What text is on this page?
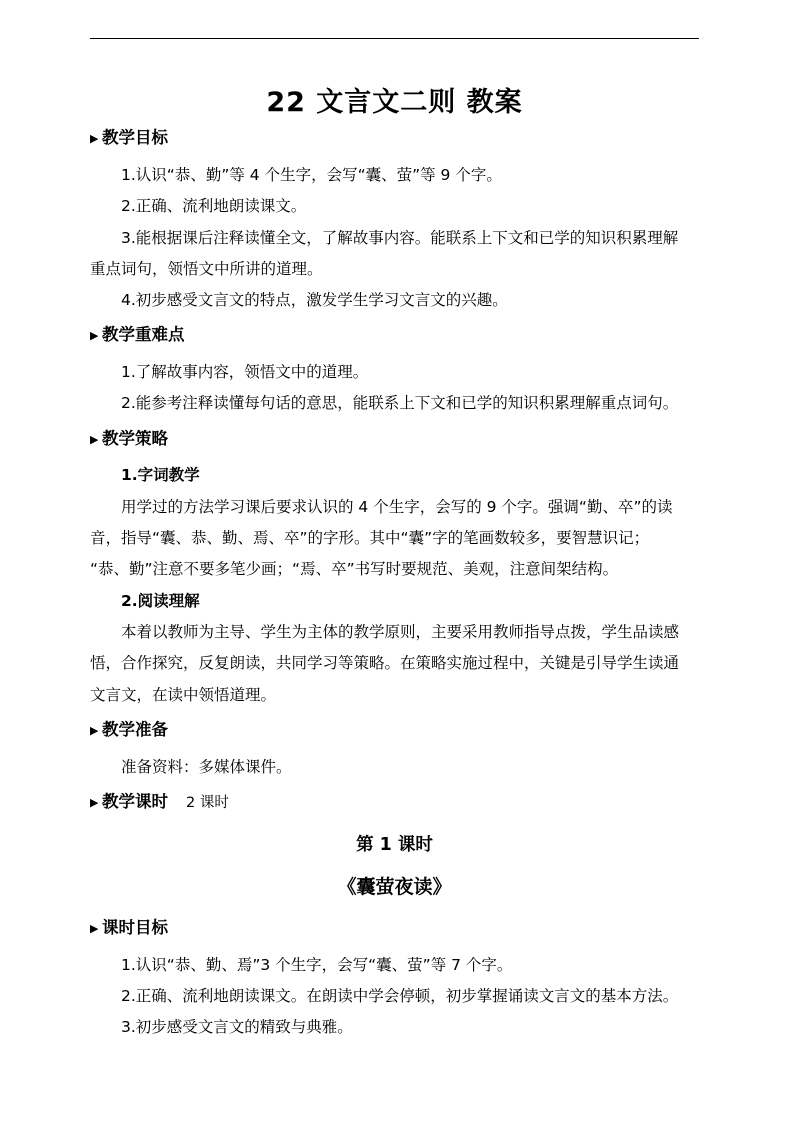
22 文言文二则 教案
▶ 教学目标
1.认识“恭、勤”等 4 个生字，会写“囊、萤”等 9 个字。
2.正确、流利地朗读课文。
3.能根据课后注释读懂全文，了解故事内容。能联系上下文和已学的知识积累理解
重点词句，领悟文中所讲的道理。
4.初步感受文言文的特点，激发学生学习文言文的兴趣。
▶ 教学重难点
1.了解故事内容，领悟文中的道理。
2.能参考注释读懂每句话的意思，能联系上下文和已学的知识积累理解重点词句。
▶ 教学策略
1.字词教学
用学过的方法学习课后要求认识的 4 个生字，会写的 9 个字。强调“勤、卒”的读
音，指导“囊、恭、勤、焉、卒”的字形。其中“囊”字的笔画数较多，要智慧识记；
“恭、勤”注意不要多笔少画；“焉、卒”书写时要规范、美观，注意间架结构。
2.阅读理解
本着以教师为主导、学生为主体的教学原则，主要采用教师指导点拨，学生品读感
悟，合作探究，反复朗读，共同学习等策略。在策略实施过程中，关键是引导学生读通
文言文，在读中领悟道理。
▶ 教学准备
准备资料：多媒体课件。
▶ 教学课时 2 课时
第 1 课时
《囊萤夜读》
▶ 课时目标
1.认识“恭、勤、焉”3 个生字，会写“囊、萤”等 7 个字。
2.正确、流利地朗读课文。在朗读中学会停顿，初步掌握诵读文言文的基本方法。
3.初步感受文言文的精致与典雅。
